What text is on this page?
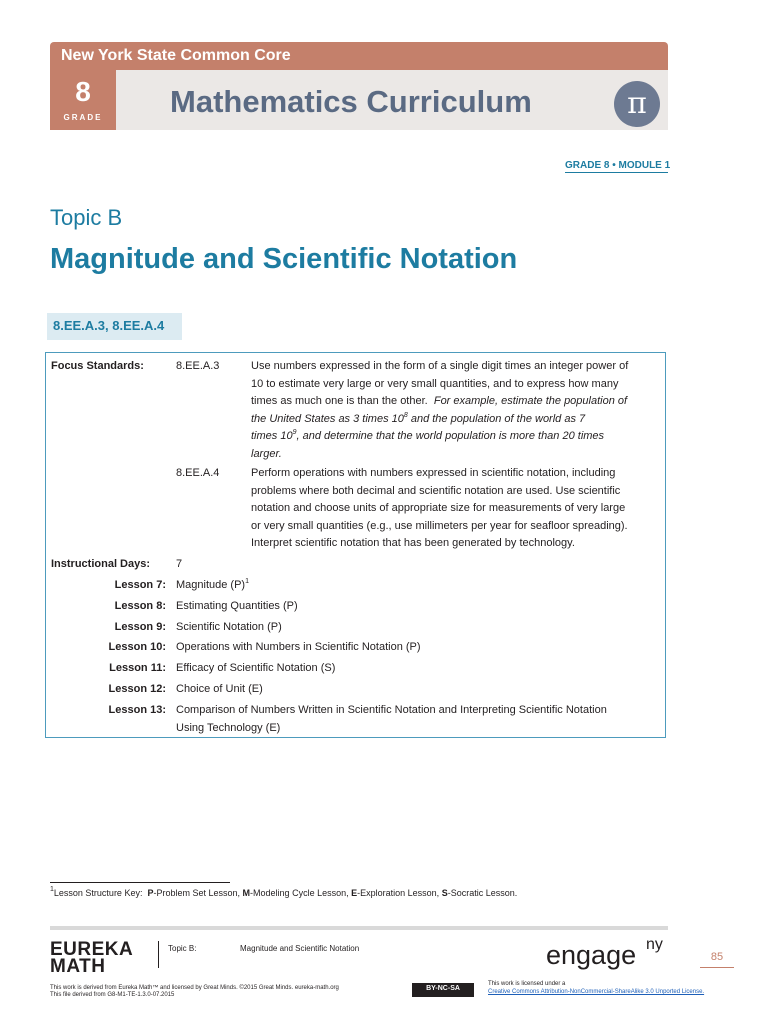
New York State Common Core
8
GRADE	Mathematics Curriculum	π
GRADE 8 • MODULE 1
Topic B
Magnitude and Scientific Notation
8.EE.A.3, 8.EE.A.4
Focus Standards:	8.EE.A.3	Use numbers expressed in the form of a single digit times an integer power of
10 to estimate very large or very small quantities, and to express how many
times as much one is than the other. For example, estimate the population of
the United States as 3 times $10^8$ and the population of the world as 7
times $10^9$, and determine that the world population is more than 20 times
larger.
8.EE.A.4	Perform operations with numbers expressed in scientific notation, including
problems where both decimal and scientific notation are used. Use scientific
notation and choose units of appropriate size for measurements of very large
or very small quantities (e.g., use millimeters per year for seafloor spreading).
Interpret scientific notation that has been generated by technology.
Instructional Days: 7
Lesson 7: Magnitude $(P)^1$
Lesson 8: Estimating Quantities (P)
Lesson 9: Scientific Notation (P)
Lesson 10: Operations with Numbers in Scientific Notation (P)
Lesson 11: Efficacy of Scientific Notation (S)
Lesson 12: Choice of Unit (E)
Lesson 13: Comparison of Numbers Written in Scientific Notation and Interpreting Scientific Notation
Using Technology (E)
$^1$Lesson Structure Key: P-Problem Set Lesson, M-Modeling Cycle Lesson, E-Exploration Lesson, S-Socratic Lesson.
EUREKA
MATH
Topic B:	Magnitude and Scientific Notation	engage ny
85
This work is derived from Eureka Math™ and licensed by Great Minds. ©2015 Great Minds. eureka-math.org
This file derived from G8-M1-TE-1.3.0-07.2015
BY-NC-SA
This work is licensed under a
Creative Commons Attribution-NonCommercial-ShareAlike 3.0 Unported License.
